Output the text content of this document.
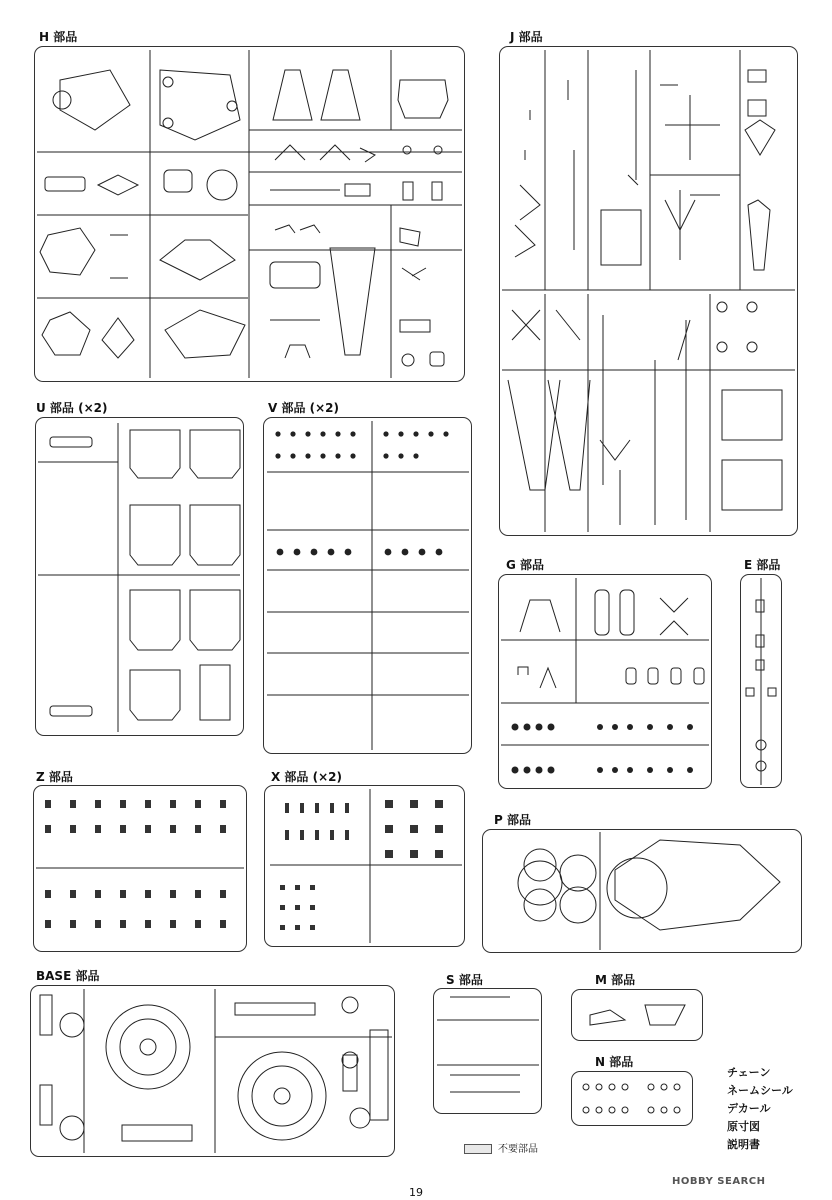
H 部品	J 部品
U 部品 (×2)	V 部品 (×2)
G 部品	E 部品
Z 部品	X 部品 (×2)
P 部品
BASE 部品	S 部品	M 部品
N 部品
チェーン
ネームシール
デカール
原寸図
説明書
不要部品
HOBBY SEARCH
19
